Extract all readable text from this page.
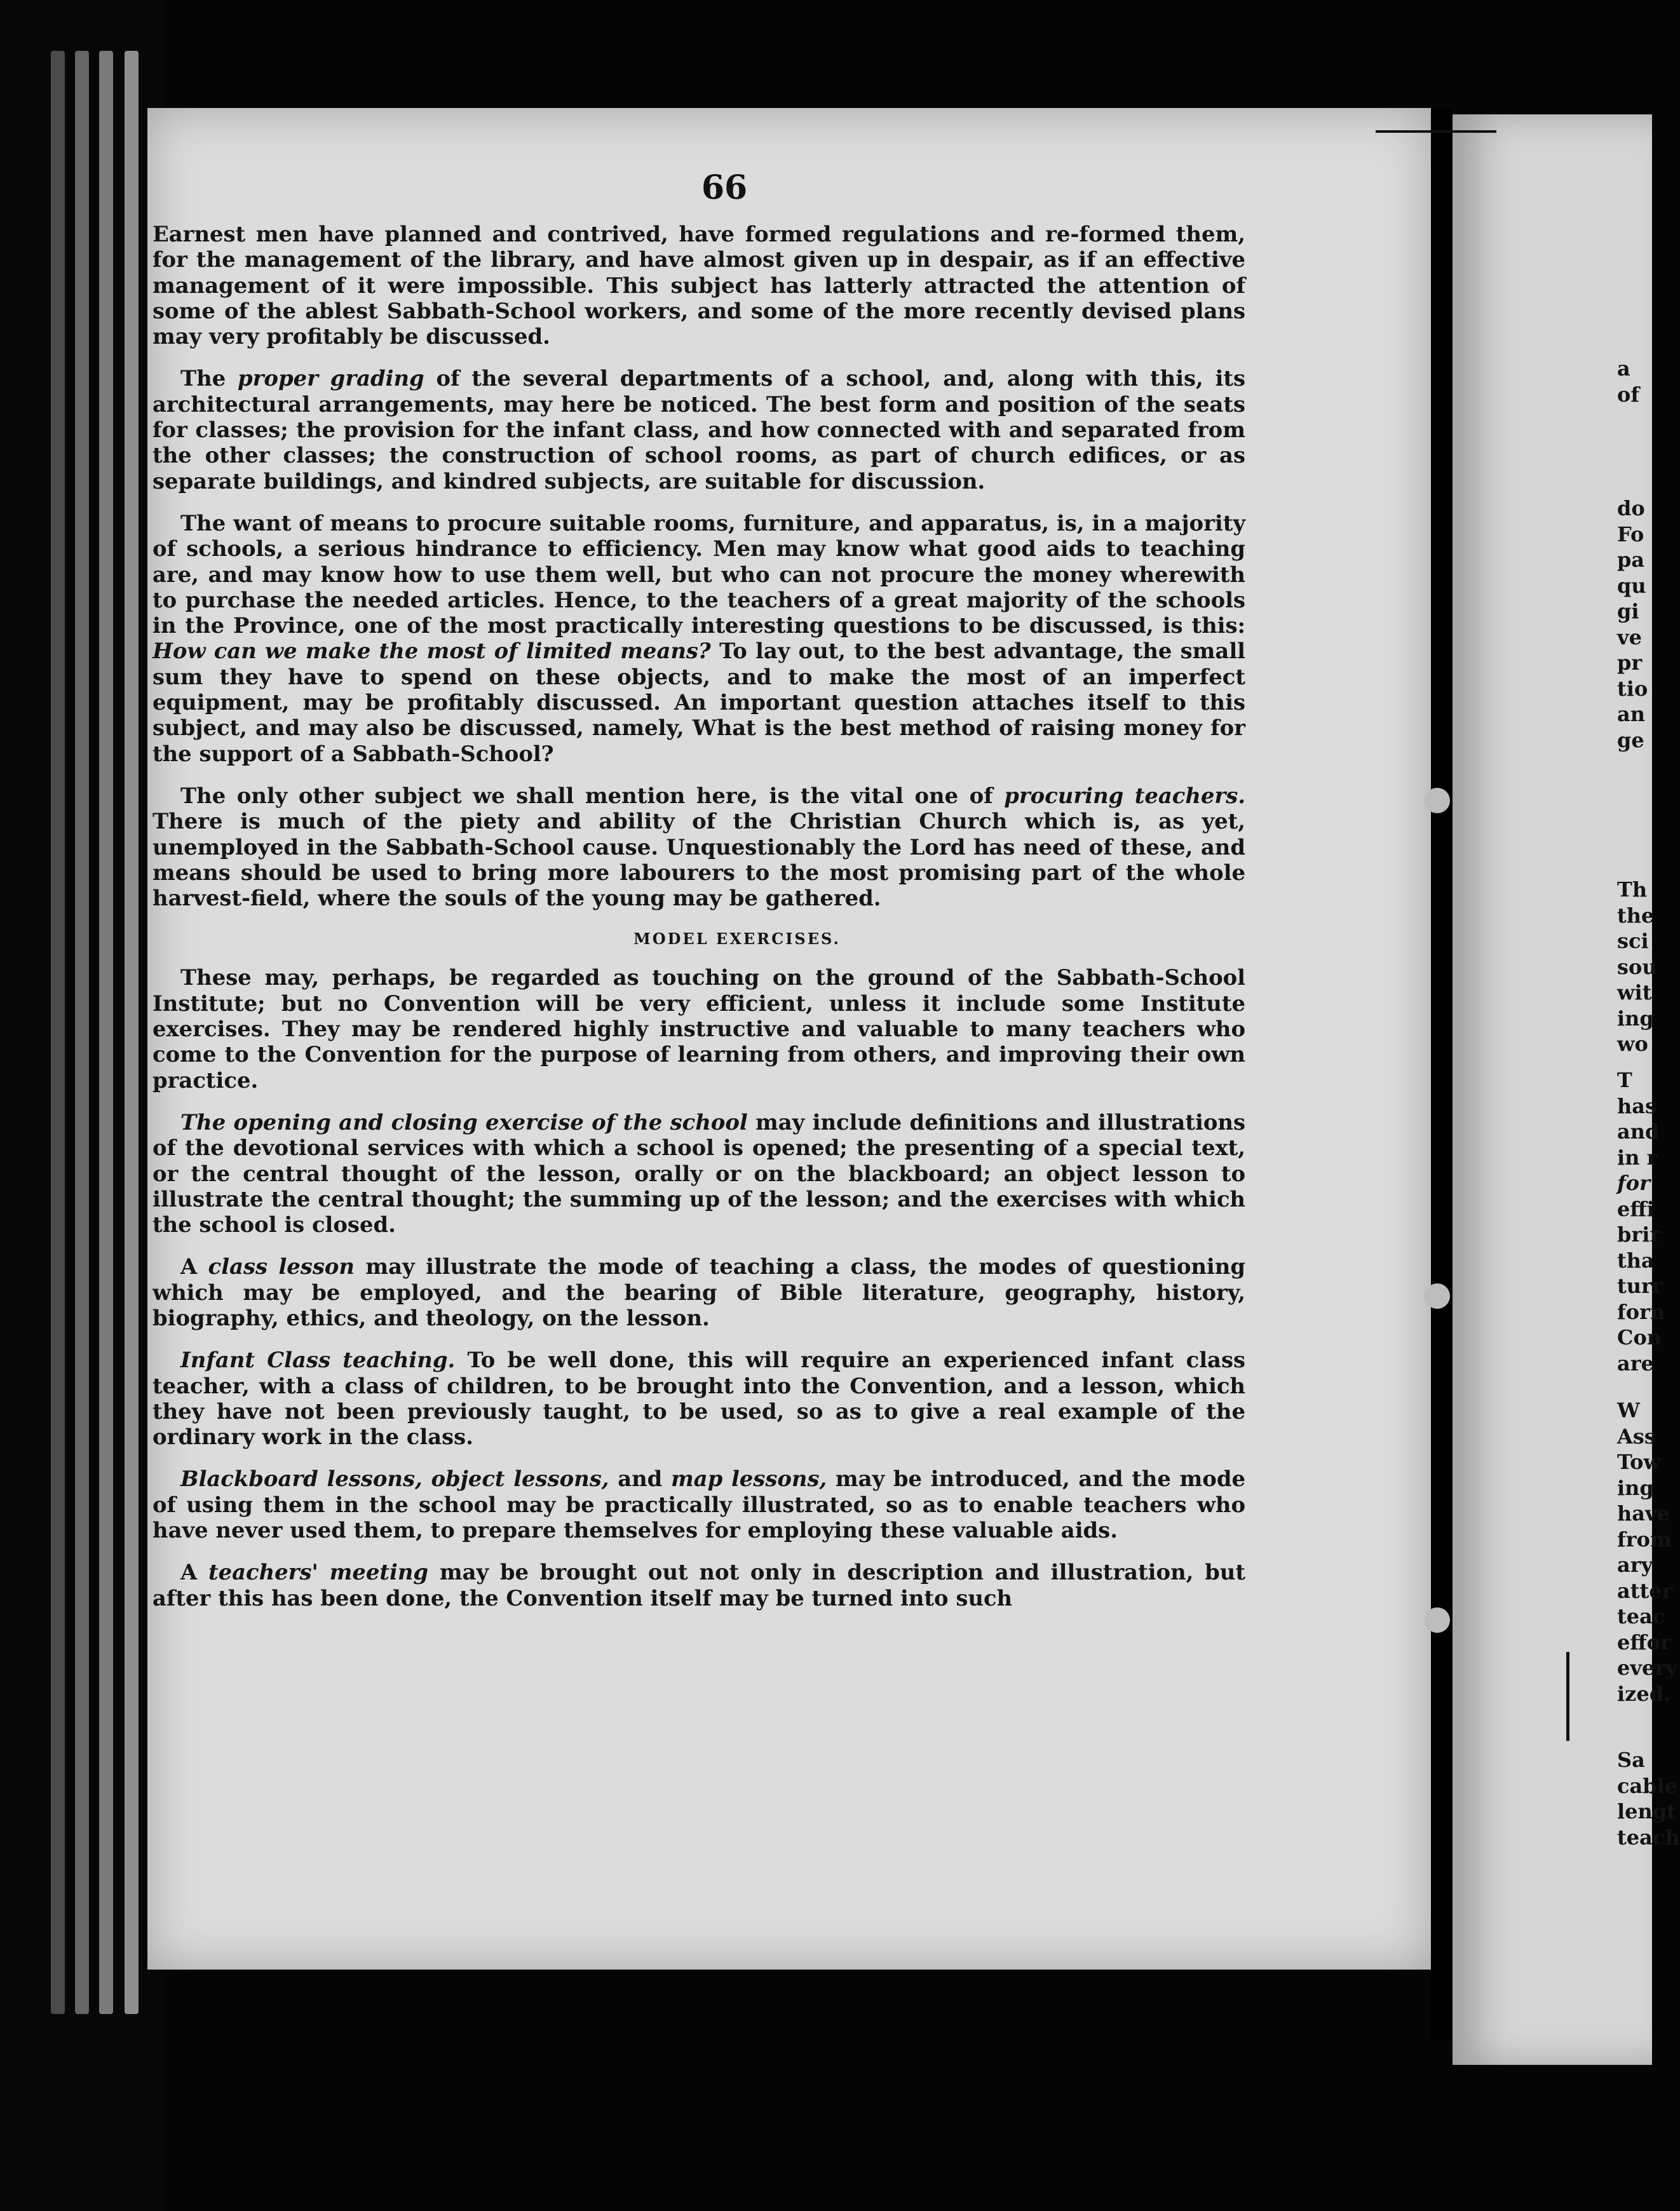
66

Earnest men have planned and contrived, have formed regulations and re-formed them, for the management of the library, and have almost given up in despair, as if an effective management of it were impossible. This subject has latterly attracted the attention of some of the ablest Sabbath-School workers, and some of the more recently devised plans may very profitably be discussed.

The proper grading of the several departments of a school, and, along with this, its architectural arrangements, may here be noticed. The best form and position of the seats for classes; the provision for the infant class, and how connected with and separated from the other classes; the construction of school rooms, as part of church edifices, or as separate buildings, and kindred subjects, are suitable for discussion.

The want of means to procure suitable rooms, furniture, and apparatus, is, in a majority of schools, a serious hindrance to efficiency. Men may know what good aids to teaching are, and may know how to use them well, but who can not procure the money wherewith to purchase the needed articles. Hence, to the teachers of a great majority of the schools in the Province, one of the most practically interesting questions to be discussed, is this: How can we make the most of limited means? To lay out, to the best advantage, the small sum they have to spend on these objects, and to make the most of an imperfect equipment, may be profitably discussed. An important question attaches itself to this subject, and may also be discussed, namely, What is the best method of raising money for the support of a Sabbath-School?

The only other subject we shall mention here, is the vital one of procuring teachers. There is much of the piety and ability of the Christian Church which is, as yet, unemployed in the Sabbath-School cause. Unquestionably the Lord has need of these, and means should be used to bring more labourers to the most promising part of the whole harvest-field, where the souls of the young may be gathered.

MODEL EXERCISES.

These may, perhaps, be regarded as touching on the ground of the Sabbath-School Institute; but no Convention will be very efficient, unless it include some Institute exercises. They may be rendered highly instructive and valuable to many teachers who come to the Convention for the purpose of learning from others, and improving their own practice.

The opening and closing exercise of the school may include definitions and illustrations of the devotional services with which a school is opened; the presenting of a special text, or the central thought of the lesson, orally or on the blackboard; an object lesson to illustrate the central thought; the summing up of the lesson; and the exercises with which the school is closed.

A class lesson may illustrate the mode of teaching a class, the modes of questioning which may be employed, and the bearing of Bible literature, geography, history, biography, ethics, and theology, on the lesson.

Infant Class teaching. To be well done, this will require an experienced infant class teacher, with a class of children, to be brought into the Convention, and a lesson, which they have not been previously taught, to be used, so as to give a real example of the ordinary work in the class.

Blackboard lessons, object lessons, and map lessons, may be introduced, and the mode of using them in the school may be practically illustrated, so as to enable teachers who have never used them, to prepare themselves for employing these valuable aids.

A teachers' meeting may be brought out not only in description and illustration, but after this has been done, the Convention itself may be turned into such

a
of
do
Fo
pa
qu
gi
ve
pr
tio
an
ge
Th
the
sci
sou
wit
ing
wo
T
has
and
in r
for
effi
brir
tha
turr
forn
Con
are
W
Ass
Tow
ing
have
from
ary
atter
teac
effor
every
ized.
Sa
cable
lengt
teach
